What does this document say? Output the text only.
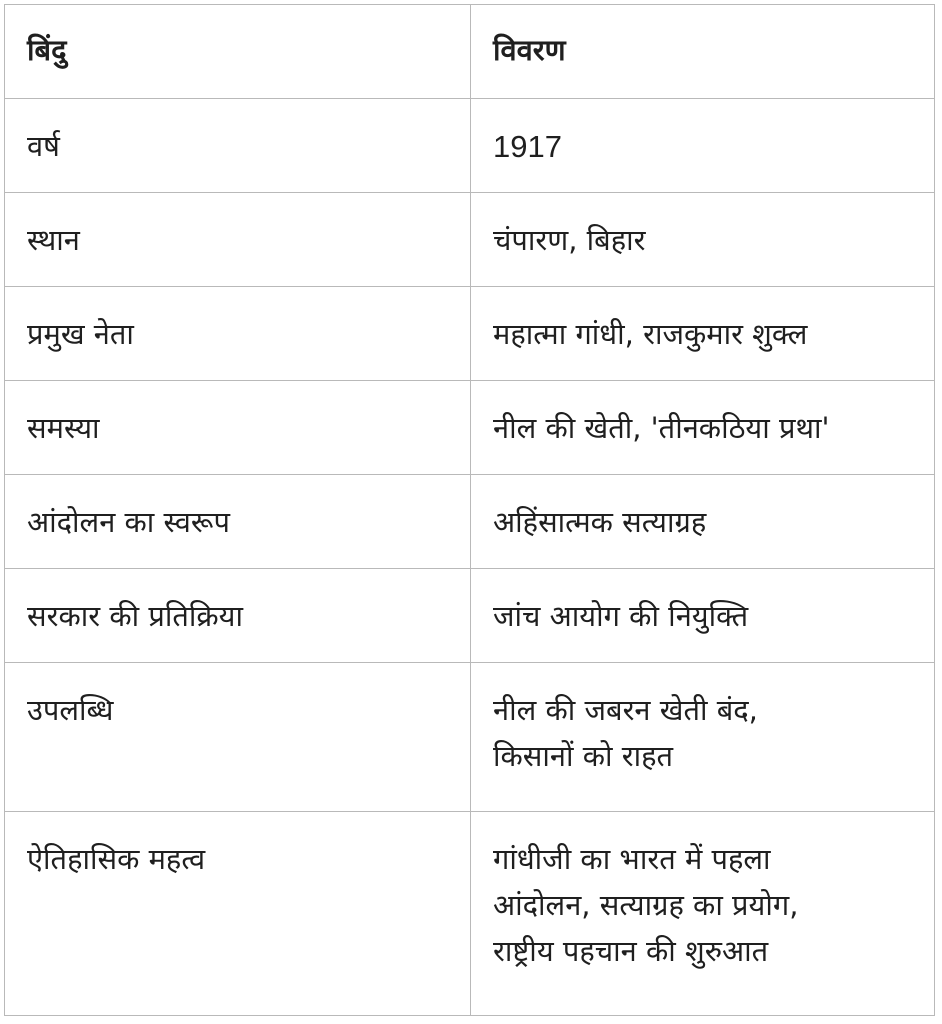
बिंदु	विवरण
वर्ष	1917

स्थान	चंपारण, बिहार

प्रमुख नेता	महात्मा गांधी, राजकुमार शुक्ल

समस्या	नील की खेती, 'तीनकठिया प्रथा'

आंदोलन का स्वरूप	अहिंसात्मक सत्याग्रह

सरकार की प्रतिक्रिया	जांच आयोग की नियुक्ति

उपलब्धि	नील की जबरन खेती बंद,
किसानों को राहत

ऐतिहासिक महत्व	गांधीजी का भारत में पहला
आंदोलन, सत्याग्रह का प्रयोग,
राष्ट्रीय पहचान की शुरुआत
